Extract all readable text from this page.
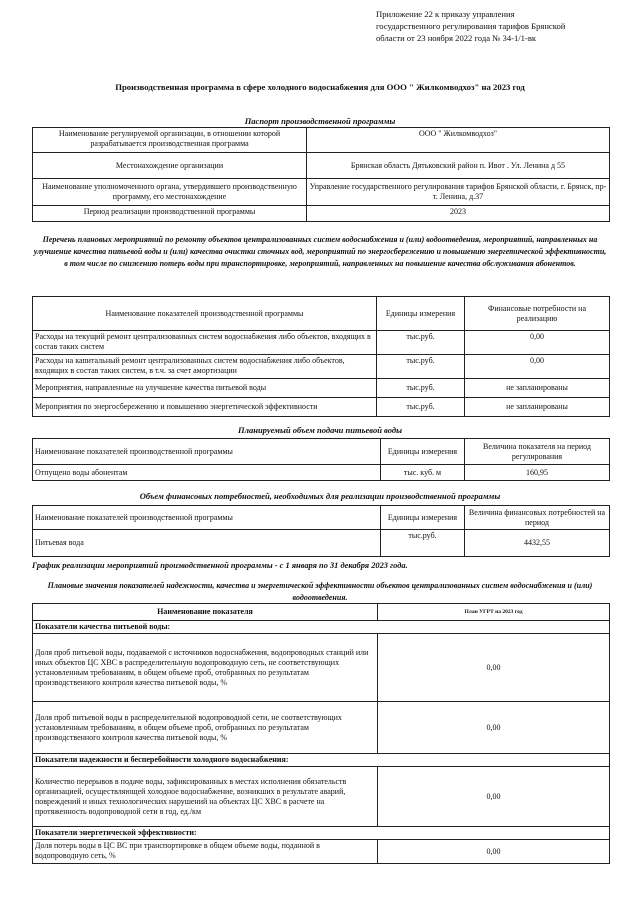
Приложение 22 к приказу управления
государственного регулирования тарифов Брянской
области от 23 ноября 2022 года № 34-1/1-вк
Производственная программа в сфере холодного водоснабжения для ООО " Жилкомводхоз" на 2023 год
Паспорт производственной программы
Наименование регулируемой организации, в отношении которой разрабатывается производственная программа	ООО " Жилкомводхоз"
Местонахождение организации	Брянская область Дятьковский район п. Ивот . Ул. Ленина д 55
Наименование уполномоченного органа, утвердившего производственную программу, его местонахождение	Управление государственного регулирования тарифов Брянской области, г. Брянск, пр-т. Ленина, д.37
Период реализации производственной программы	2023
Перечень плановых мероприятий по ремонту объектов централизованных систем водоснабжения и (или) водоотведения, мероприятий, направленных на улучшение качества питьевой воды и (или) качества очистки сточных вод, мероприятий по энергосбережению и повышению энергетической эффективности, в том числе по снижению потерь воды при транспортировке, мероприятий, направленных на повышение качества обслуживания абонентов.
Наименование показателей производственной программы	Единицы измерения	Финансовые потребности на реализацию
Расходы на текущий ремонт централизованных систем водоснабжения либо объектов, входящих в состав таких систем	тыс.руб.	0,00
Расходы на капитальный ремонт централизованных систем водоснабжения либо объектов, входящих в состав таких систем, в т.ч. за счет амортизации	тыс.руб.	0,00
Мероприятия, направленные на улучшение качества питьевой воды	тыс.руб.	не запланированы
Мероприятия по энергосбережению и повышению энергетической эффективности	тыс.руб.	не запланированы
Планируемый объем подачи питьевой воды
Наименование показателей производственной программы	Единицы измерения	Величина показателя на период регулирования
Отпущено воды абонентам	тыс. куб. м	160,95
Объем финансовых потребностей, необходимых для реализации производственной программы
Наименование показателей производственной программы	Единицы измерения	Величина финансовых потребностей на период
Питьевая вода	тыс.руб.	4432,55
График реализации мероприятий производственной программы - с 1 января по 31 декабря 2023 года.
Плановые значения показателей надежности, качества и энергетической эффективности объектов централизованных систем водоснабжения и (или) водоотведения.
Наименование показателя	План УГРТ на 2023 год
Показатели качества питьевой воды:	
Доля проб питьевой воды, подаваемой с источников водоснабжения, водопроводных станций или иных объектов ЦС ХВС в распределительную водопроводную сеть, не соответствующих установленным требованиям, в общем объеме проб, отобранных по результатам производственного контроля качества питьевой воды, %	0,00
Доля проб питьевой воды в распределительной водопроводной сети, не соответствующих установленным требованиям, в общем объеме проб, отобранных по результатам производственного контроля качества питьевой воды, %	0,00
Показатели надежности и бесперебойности холодного водоснабжения:	
Количество перерывов в подаче воды, зафиксированных в местах исполнения обязательств организацией, осуществляющей холодное водоснабжение, возникших в результате аварий, повреждений и иных технологических нарушений на объектах ЦС ХВС в расчете на протяженность водопроводной сети в год, ед./км	0,00
Показатели энергетической эффективности:	
Доля потерь воды в ЦС ВС при транспортировке в общем объеме воды, поданной в водопроводную сеть, %	0,00
